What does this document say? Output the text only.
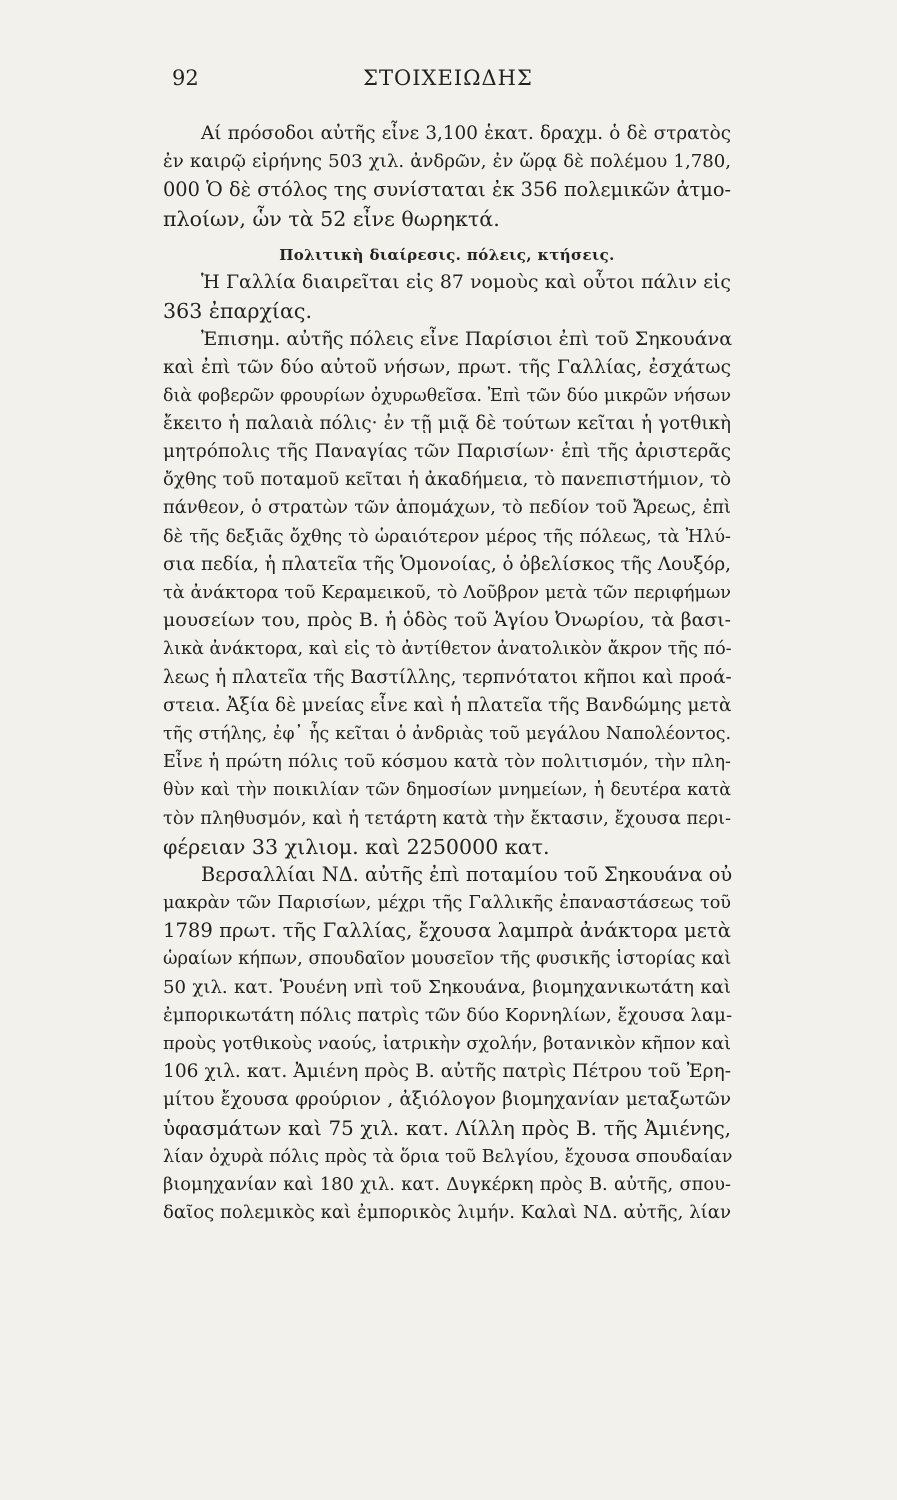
92	ΣΤΟΙΧΕΙΩΔΗΣ
Αί πρόσοδοι αὐτῆς εἶνε 3,100 ἑκατ. δραχμ. ὁ δὲ στρατὸς
ἐν καιρῷ εἰρήνης 503 χιλ. ἀνδρῶν, ἐν ὥρᾳ δὲ πολέμου 1,780,
000 Ὁ δὲ στόλος της συνίσταται ἐκ 356 πολεμικῶν ἀτμο-
πλοίων, ὧν τὰ 52 εἶνε θωρηκτά.
Πολιτικὴ διαίρεσις. πόλεις, κτήσεις.
Ἡ Γαλλία διαιρεῖται εἰς 87 νομοὺς καὶ οὗτοι πάλιν εἰς
363 ἐπαρχίας.
Ἐπισημ. αὐτῆς πόλεις εἶνε Παρίσιοι ἐπὶ τοῦ Σηκουάνα
καὶ ἐπὶ τῶν δύο αὐτοῦ νήσων, πρωτ. τῆς Γαλλίας, ἐσχάτως
διὰ φοβερῶν φρουρίων ὀχυρωθεῖσα. Ἐπὶ τῶν δύο μικρῶν νήσων
ἔκειτο ἡ παλαιὰ πόλις· ἐν τῇ μιᾷ δὲ τούτων κεῖται ἡ γοτθικὴ
μητρόπολις τῆς Παναγίας τῶν Παρισίων· ἐπὶ τῆς ἀριστερᾶς
ὄχθης τοῦ ποταμοῦ κεῖται ἡ ἀκαδήμεια, τὸ πανεπιστήμιον, τὸ
πάνθεον, ὁ στρατὼν τῶν ἀπομάχων, τὸ πεδίον τοῦ Ἄρεως, ἐπὶ
δὲ τῆς δεξιᾶς ὄχθης τὸ ὡραιότερον μέρος τῆς πόλεως, τὰ Ἠλύ-
σια πεδία, ἡ πλατεῖα τῆς Ὁμονοίας, ὁ ὀβελίσκος τῆς Λουξόρ,
τὰ ἀνάκτορα τοῦ Κεραμεικοῦ, τὸ Λοῦβρον μετὰ τῶν περιφήμων
μουσείων του, πρὸς Β. ἡ ὁδὸς τοῦ Ἁγίου Ὀνωρίου, τὰ βασι-
λικὰ ἀνάκτορα, καὶ εἰς τὸ ἀντίθετον ἀνατολικὸν ἄκρον τῆς πό-
λεως ἡ πλατεῖα τῆς Βαστίλλης, τερπνότατοι κῆποι καὶ προά-
στεια. Ἀξία δὲ μνείας εἶνε καὶ ἡ πλατεῖα τῆς Βανδώμης μετὰ
τῆς στήλης, ἐφ᾽ ἧς κεῖται ὁ ἀνδριὰς τοῦ μεγάλου Ναπολέοντος.
Εἶνε ἡ πρώτη πόλις τοῦ κόσμου κατὰ τὸν πολιτισμόν, τὴν πλη-
θὺν καὶ τὴν ποικιλίαν τῶν δημοσίων μνημείων, ἡ δευτέρα κατὰ
τὸν πληθυσμόν, καὶ ἡ τετάρτη κατὰ τὴν ἔκτασιν, ἔχουσα περι-
φέρειαν 33 χιλιομ. καὶ 2250000 κατ.
Βερσαλλίαι ΝΔ. αὐτῆς ἐπὶ ποταμίου τοῦ Σηκουάνα οὐ
μακρὰν τῶν Παρισίων, μέχρι τῆς Γαλλικῆς ἐπαναστάσεως τοῦ
1789 πρωτ. τῆς Γαλλίας, ἔχουσα λαμπρὰ ἀνάκτορα μετὰ
ὡραίων κήπων, σπουδαῖον μουσεῖον τῆς φυσικῆς ἱστορίας καὶ
50 χιλ. κατ. Ῥουένη νπὶ τοῦ Σηκουάνα, βιομηχανικωτάτη καὶ
ἐμπορικωτάτη πόλις πατρὶς τῶν δύο Κορνηλίων, ἔχουσα λαμ-
προὺς γοτθικοὺς ναούς, ἰατρικὴν σχολήν, βοτανικὸν κῆπον καὶ
106 χιλ. κατ. Ἀμιένη πρὸς Β. αὐτῆς πατρὶς Πέτρου τοῦ Ἐρη-
μίτου ἔχουσα φρούριον , ἀξιόλογον βιομηχανίαν μεταξωτῶν
ὑφασμάτων καὶ 75 χιλ. κατ. Λίλλη πρὸς Β. τῆς Ἀμιένης,
λίαν ὀχυρὰ πόλις πρὸς τὰ ὅρια τοῦ Βελγίου, ἔχουσα σπουδαίαν
βιομηχανίαν καὶ 180 χιλ. κατ. Δυγκέρκη πρὸς Β. αὐτῆς, σπου-
δαῖος πολεμικὸς καὶ ἐμπορικὸς λιμήν. Καλαὶ ΝΔ. αὐτῆς, λίαν
